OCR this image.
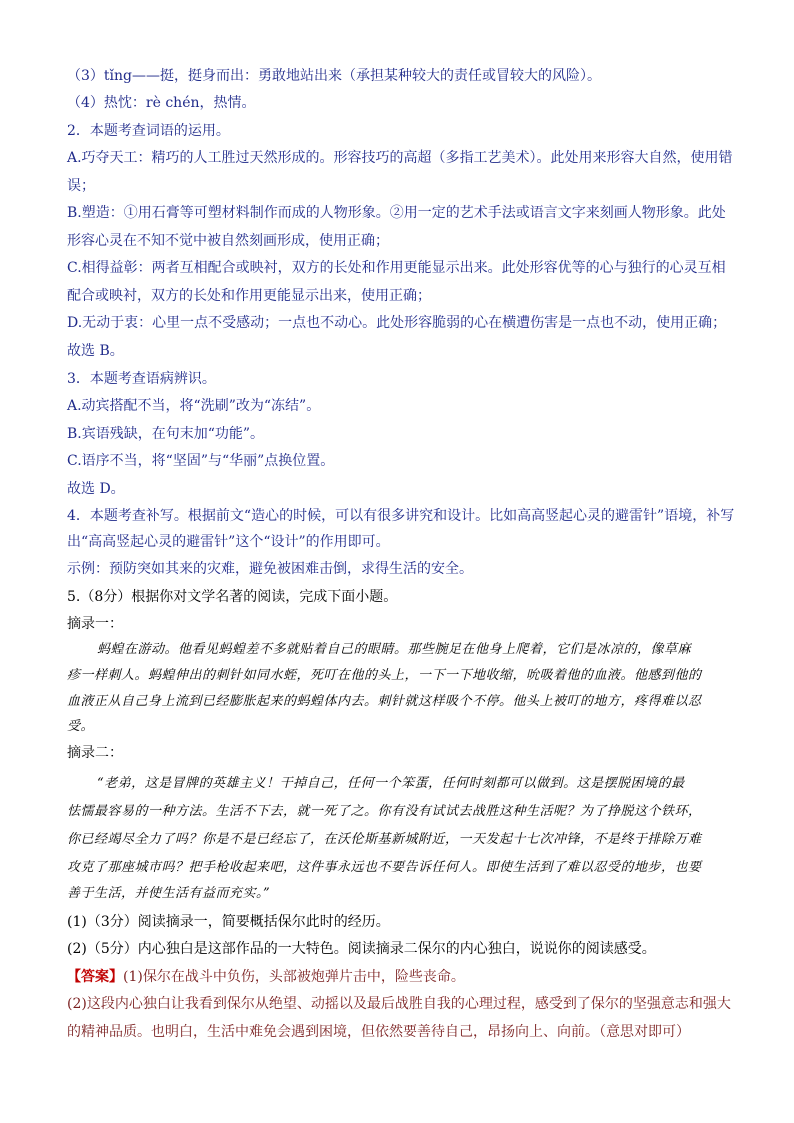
（3）tǐng——挺，挺身而出：勇敢地站出来（承担某种较大的责任或冒较大的风险）。
（4）热忱：rè chén，热情。
2．本题考查词语的运用。
A.巧夺天工：精巧的人工胜过天然形成的。形容技巧的高超（多指工艺美术）。此处用来形容大自然，使用错
误；
B.塑造：①用石膏等可塑材料制作而成的人物形象。②用一定的艺术手法或语言文字来刻画人物形象。此处
形容心灵在不知不觉中被自然刻画形成，使用正确；
C.相得益彰：两者互相配合或映衬，双方的长处和作用更能显示出来。此处形容优等的心与独行的心灵互相
配合或映衬，双方的长处和作用更能显示出来，使用正确；
D.无动于衷：心里一点不受感动；一点也不动心。此处形容脆弱的心在横遭伤害是一点也不动，使用正确；
故选 B。
3．本题考查语病辨识。
A.动宾搭配不当，将“洗刷”改为“冻结”。
B.宾语残缺，在句末加“功能”。
C.语序不当，将“坚固”与“华丽”点换位置。
故选 D。
4．本题考查补写。根据前文“造心的时候，可以有很多讲究和设计。比如高高竖起心灵的避雷针”语境，补写
出“高高竖起心灵的避雷针”这个“设计”的作用即可。
示例：预防突如其来的灾难，避免被困难击倒，求得生活的安全。
5.（8分）根据你对文学名著的阅读，完成下面小题。
摘录一：
蚂蝗在游动。他看见蚂蝗差不多就贴着自己的眼睛。那些腕足在他身上爬着，它们是冰凉的，像草麻
疹一样刺人。蚂蝗伸出的刺针如同水蛭，死叮在他的头上，一下一下地收缩，吮吸着他的血液。他感到他的
血液正从自己身上流到已经膨胀起来的蚂蝗体内去。刺针就这样吸个不停。他头上被叮的地方，疼得难以忍
受。
摘录二：
“老弟，这是冒牌的英雄主义！干掉自己，任何一个笨蛋，任何时刻都可以做到。这是摆脱困境的最
怯懦最容易的一种方法。生活不下去，就一死了之。你有没有试试去战胜这种生活呢？为了挣脱这个铁环，
你已经竭尽全力了吗？你是不是已经忘了，在沃伦斯基新城附近，一天发起十七次冲锋，不是终于排除万难
攻克了那座城市吗？把手枪收起来吧，这件事永远也不要告诉任何人。即使生活到了难以忍受的地步，也要
善于生活，并使生活有益而充实。”
(1)（3分）阅读摘录一，简要概括保尔此时的经历。
(2)（5分）内心独白是这部作品的一大特色。阅读摘录二保尔的内心独白，说说你的阅读感受。
【答案】(1)保尔在战斗中负伤，头部被炮弹片击中，险些丧命。
(2)这段内心独白让我看到保尔从绝望、动摇以及最后战胜自我的心理过程，感受到了保尔的坚强意志和强大
的精神品质。也明白，生活中难免会遇到困境，但依然要善待自己，昂扬向上、向前。（意思对即可）
